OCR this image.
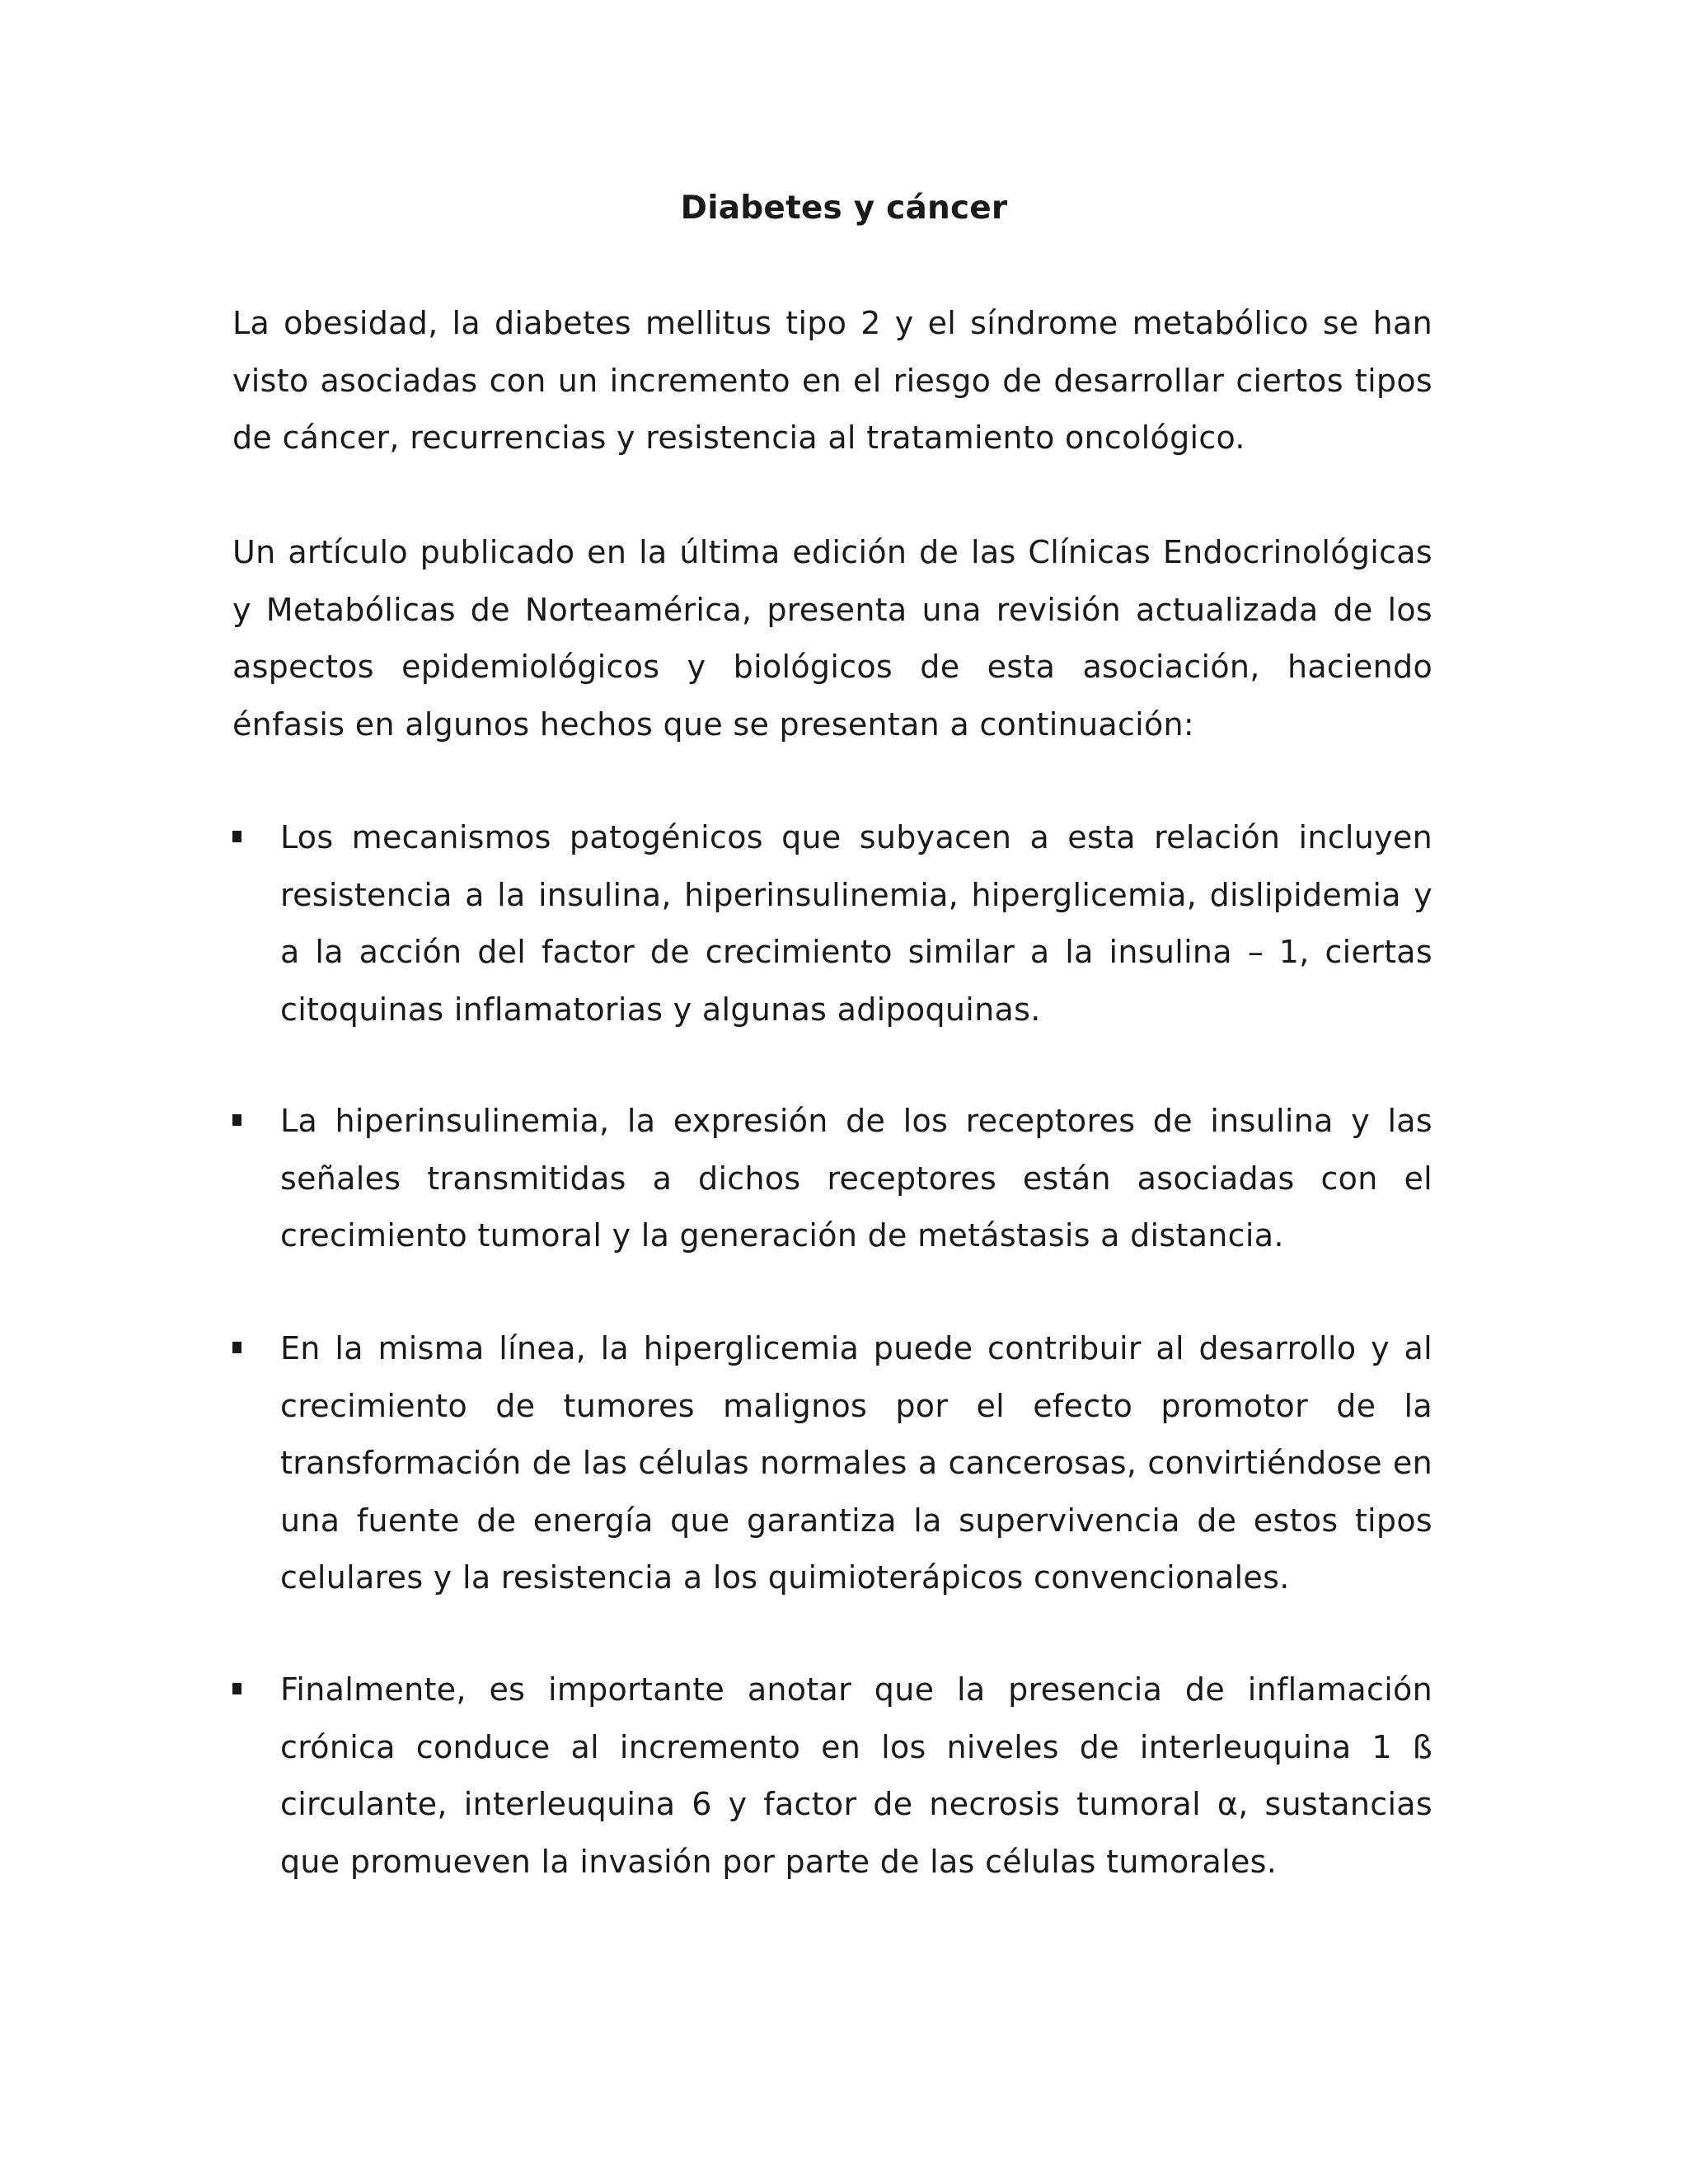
Diabetes y cáncer

La obesidad, la diabetes mellitus tipo 2 y el síndrome metabólico se han visto asociadas con un incremento en el riesgo de desarrollar ciertos tipos de cáncer, recurrencias y resistencia al tratamiento oncológico.

Un artículo publicado en la última edición de las Clínicas Endocrinológicas y Metabólicas de Norteamérica, presenta una revisión actualizada de los aspectos epidemiológicos y biológicos de esta asociación, haciendo énfasis en algunos hechos que se presentan a continuación:

Los mecanismos patogénicos que subyacen a esta relación incluyen resistencia a la insulina, hiperinsulinemia, hiperglicemia, dislipidemia y a la acción del factor de crecimiento similar a la insulina – 1, ciertas citoquinas inflamatorias y algunas adipoquinas.

La hiperinsulinemia, la expresión de los receptores de insulina y las señales transmitidas a dichos receptores están asociadas con el crecimiento tumoral y la generación de metástasis a distancia.

En la misma línea, la hiperglicemia puede contribuir al desarrollo y al crecimiento de tumores malignos por el efecto promotor de la transformación de las células normales a cancerosas, convirtiéndose en una fuente de energía que garantiza la supervivencia de estos tipos celulares y la resistencia a los quimioterápicos convencionales.

Finalmente, es importante anotar que la presencia de inflamación crónica conduce al incremento en los niveles de interleuquina 1 ß circulante, interleuquina 6 y factor de necrosis tumoral α, sustancias que promueven la invasión por parte de las células tumorales.
